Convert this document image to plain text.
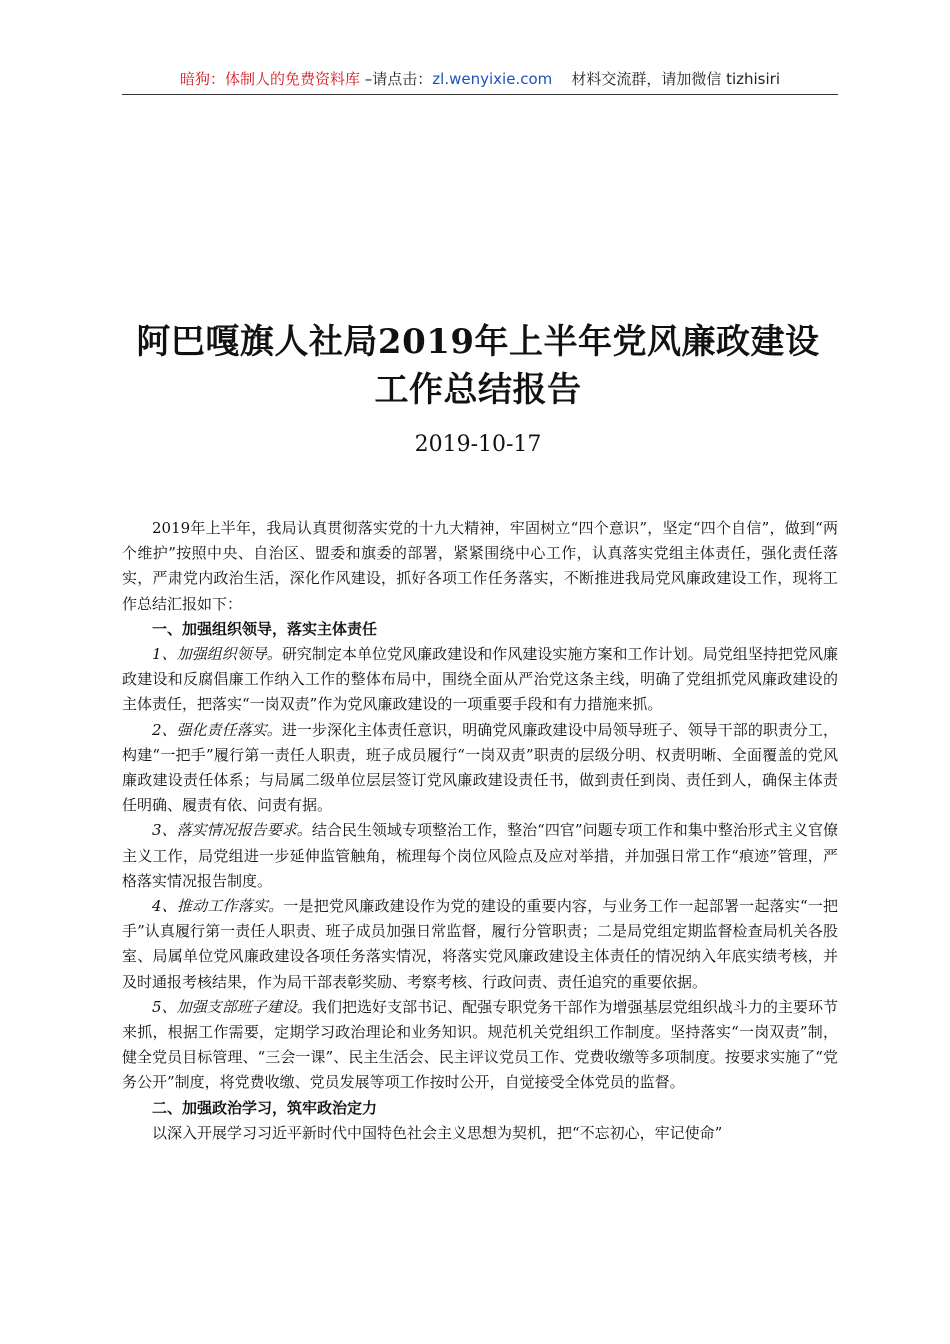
暗狗：体制人的免费资料库 –请点击：zl.wenyixie.com 材料交流群，请加微信 tizhisiri
阿巴嘎旗人社局2019年上半年党风廉政建设
工作总结报告
2019-10-17

2019年上半年，我局认真贯彻落实党的十九大精神，牢固树立“四个意识”，坚定“四个自信”，做到“两个维护”按照中央、自治区、盟委和旗委的部署，紧紧围绕中心工作，认真落实党组主体责任，强化责任落实，严肃党内政治生活，深化作风建设，抓好各项工作任务落实，不断推进我局党风廉政建设工作，现将工作总结汇报如下：

一、加强组织领导，落实主体责任

1、加强组织领导。研究制定本单位党风廉政建设和作风建设实施方案和工作计划。局党组坚持把党风廉政建设和反腐倡廉工作纳入工作的整体布局中，围绕全面从严治党这条主线，明确了党组抓党风廉政建设的主体责任，把落实“一岗双责”作为党风廉政建设的一项重要手段和有力措施来抓。

2、强化责任落实。进一步深化主体责任意识，明确党风廉政建设中局领导班子、领导干部的职责分工，构建“一把手”履行第一责任人职责，班子成员履行“一岗双责”职责的层级分明、权责明晰、全面覆盖的党风廉政建设责任体系；与局属二级单位层层签订党风廉政建设责任书，做到责任到岗、责任到人，确保主体责任明确、履责有依、问责有据。

3、落实情况报告要求。结合民生领域专项整治工作，整治“四官”问题专项工作和集中整治形式主义官僚主义工作，局党组进一步延伸监管触角，梳理每个岗位风险点及应对举措，并加强日常工作“痕迹”管理，严格落实情况报告制度。

4、推动工作落实。一是把党风廉政建设作为党的建设的重要内容，与业务工作一起部署一起落实“一把手”认真履行第一责任人职责、班子成员加强日常监督，履行分管职责；二是局党组定期监督检查局机关各股室、局属单位党风廉政建设各项任务落实情况，将落实党风廉政建设主体责任的情况纳入年底实绩考核，并及时通报考核结果，作为局干部表彰奖励、考察考核、行政问责、责任追究的重要依据。

5、加强支部班子建设。我们把选好支部书记、配强专职党务干部作为增强基层党组织战斗力的主要环节来抓，根据工作需要，定期学习政治理论和业务知识。规范机关党组织工作制度。坚持落实“一岗双责”制，健全党员目标管理、“三会一课”、民主生活会、民主评议党员工作、党费收缴等多项制度。按要求实施了“党务公开”制度，将党费收缴、党员发展等项工作按时公开，自觉接受全体党员的监督。

二、加强政治学习，筑牢政治定力

以深入开展学习习近平新时代中国特色社会主义思想为契机，把“不忘初心，牢记使命”
